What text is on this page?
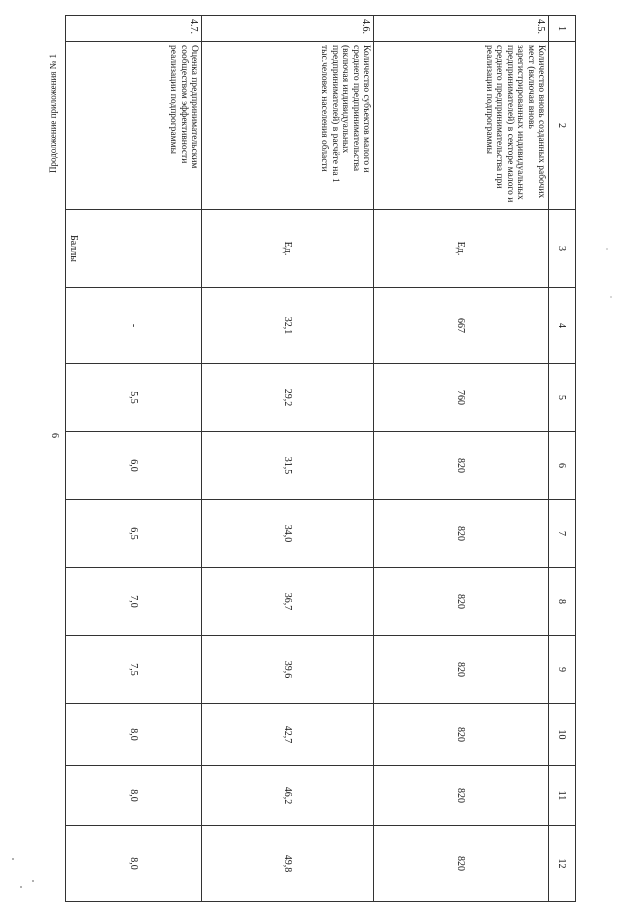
6
Продолжение приложения № 1
1	2	3	4	5	6	7	8	9	10	11	12
4.5.	Количество вновь созданных рабочих мест (включая вновь зарегистрированных индивидуальных предпринимателей) в секторе малого и среднего предпринимательства при реализации подпрограммы	Ед.	667	760	820	820	820	820	820	820	820
4.6.	Количество субъектов малого и среднего предпринимательства (включая индивидуальных предпринимателей) в расчёте на 1 тыс.человек населения области	Ед.	32,1	29,2	31,5	34,0	36,7	39,6	42,7	46,2	49,8
4.7.	Оценка предпринимательским сообществом эффективности реализации подпрограммы	Баллы	-	5,5	6,0	6,5	7,0	7,5	8,0	8,0	8,0
